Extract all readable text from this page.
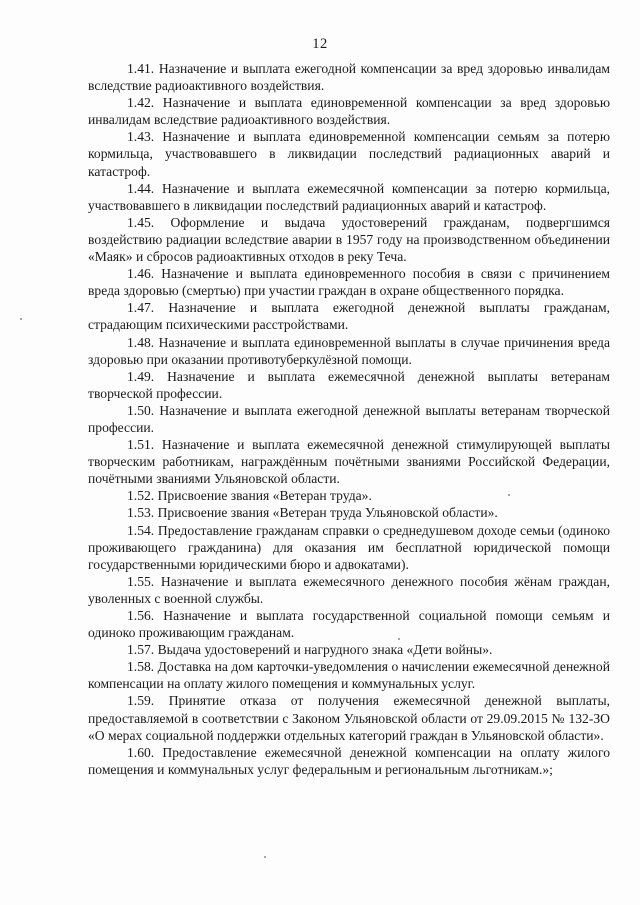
12

1.41. Назначение и выплата ежегодной компенсации за вред здоровью инвалидам вследствие радиоактивного воздействия.

1.42. Назначение и выплата единовременной компенсации за вред здоровью инвалидам вследствие радиоактивного воздействия.

1.43. Назначение и выплата единовременной компенсации семьям за потерю кормильца, участвовавшего в ликвидации последствий радиационных аварий и катастроф.

1.44. Назначение и выплата ежемесячной компенсации за потерю кормильца, участвовавшего в ликвидации последствий радиационных аварий и катастроф.

1.45. Оформление и выдача удостоверений гражданам, подвергшимся воздействию радиации вследствие аварии в 1957 году на производственном объединении «Маяк» и сбросов радиоактивных отходов в реку Теча.

1.46. Назначение и выплата единовременного пособия в связи с причинением вреда здоровью (смертью) при участии граждан в охране общественного порядка.

1.47. Назначение и выплата ежегодной денежной выплаты гражданам, страдающим психическими расстройствами.

1.48. Назначение и выплата единовременной выплаты в случае причинения вреда здоровью при оказании противотуберкулёзной помощи.

1.49. Назначение и выплата ежемесячной денежной выплаты ветеранам творческой профессии.

1.50. Назначение и выплата ежегодной денежной выплаты ветеранам творческой профессии.

1.51. Назначение и выплата ежемесячной денежной стимулирующей выплаты творческим работникам, награждённым почётными званиями Российской Федерации, почётными званиями Ульяновской области.

1.52. Присвоение звания «Ветеран труда».

1.53. Присвоение звания «Ветеран труда Ульяновской области».

1.54. Предоставление гражданам справки о среднедушевом доходе семьи (одиноко проживающего гражданина) для оказания им бесплатной юридической помощи государственными юридическими бюро и адвокатами).

1.55. Назначение и выплата ежемесячного денежного пособия жёнам граждан, уволенных с военной службы.

1.56. Назначение и выплата государственной социальной помощи семьям и одиноко проживающим гражданам.

1.57. Выдача удостоверений и нагрудного знака «Дети войны».

1.58. Доставка на дом карточки-уведомления о начислении ежемесячной денежной компенсации на оплату жилого помещения и коммунальных услуг.

1.59. Принятие отказа от получения ежемесячной денежной выплаты, предоставляемой в соответствии с Законом Ульяновской области от 29.09.2015 № 132-ЗО «О мерах социальной поддержки отдельных категорий граждан в Ульяновской области».

1.60. Предоставление ежемесячной денежной компенсации на оплату жилого помещения и коммунальных услуг федеральным и региональным льготникам.»;
